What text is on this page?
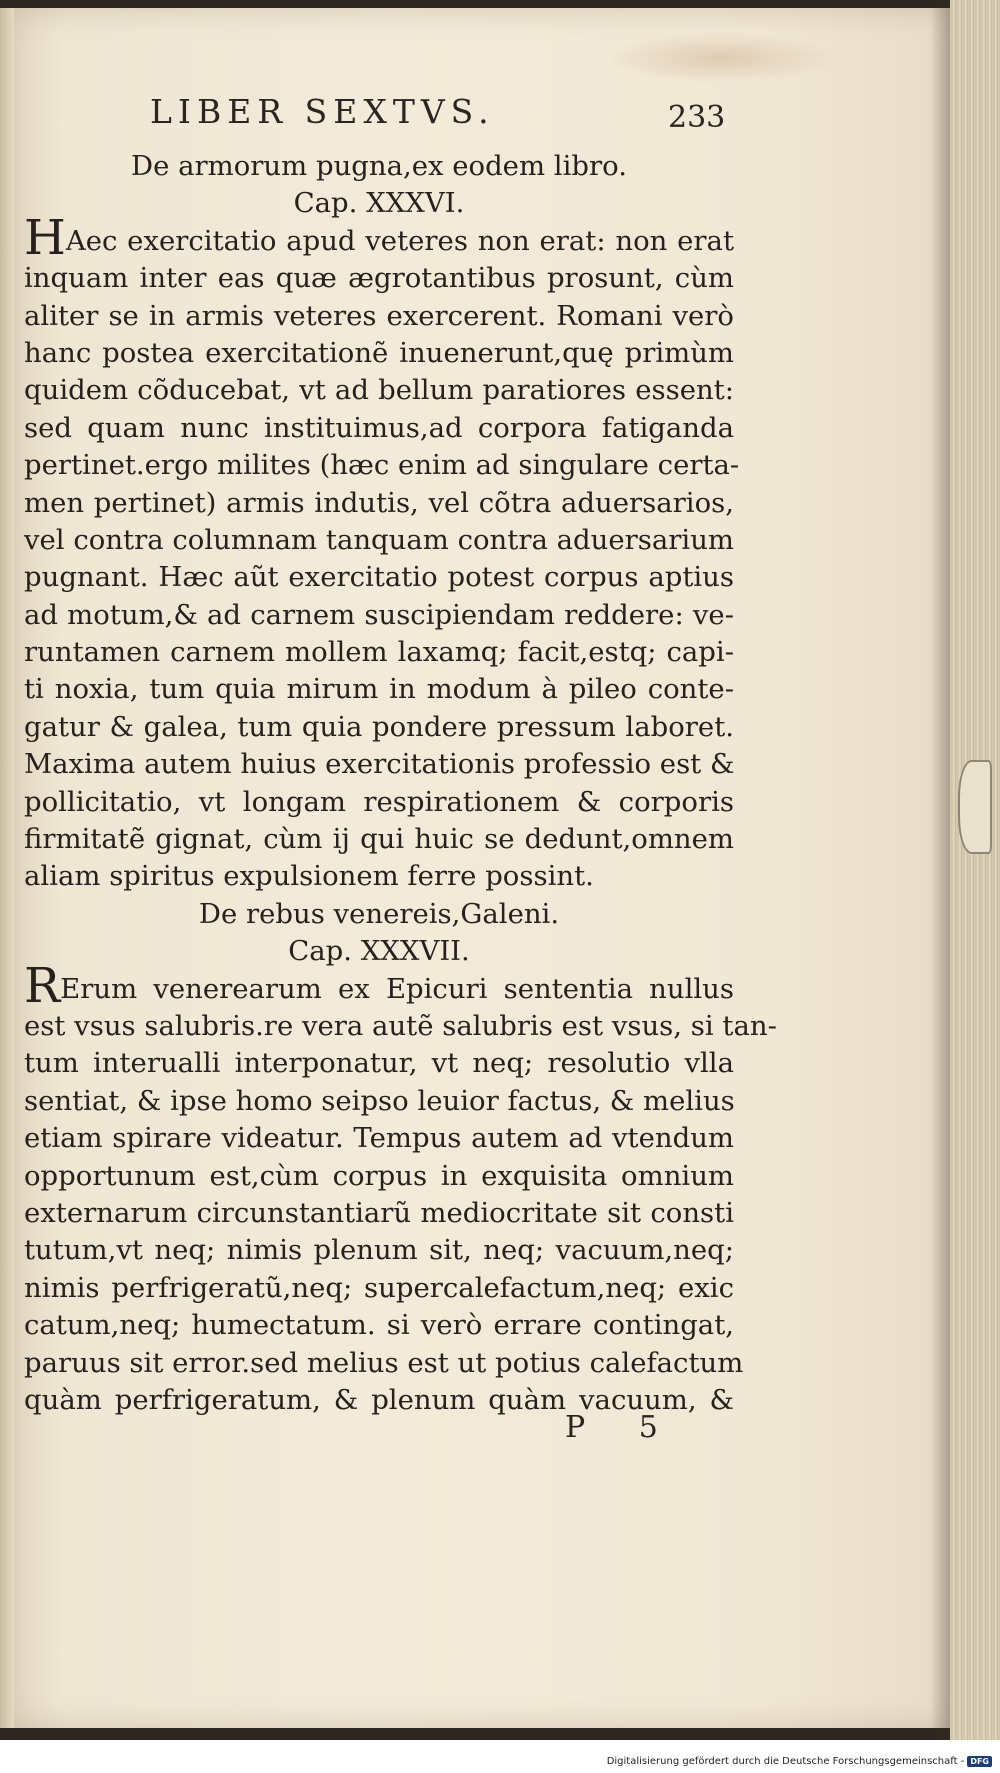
LIBER SEXTVS.	233
De armorum pugna,ex eodem libro.
Cap. XXXVI.
HAec exercitatio apud veteres non erat: non erat
inquam inter eas quæ ægrotantibus prosunt, cùm
aliter se in armis veteres exercerent. Romani verò
hanc postea exercitationẽ inuenerunt,quę primùm
quidem cõducebat, vt ad bellum paratiores essent:
sed quam nunc instituimus,ad corpora fatiganda
pertinet.ergo milites (hæc enim ad singulare certa-
men pertinet) armis indutis, vel cõtra aduersarios,
vel contra columnam tanquam contra aduersarium
pugnant. Hæc aũt exercitatio potest corpus aptius
ad motum,& ad carnem suscipiendam reddere: ve-
runtamen carnem mollem laxamq; facit,estq; capi-
ti noxia, tum quia mirum in modum à pileo conte-
gatur & galea, tum quia pondere pressum laboret.
Maxima autem huius exercitationis professio est &
pollicitatio, vt longam respirationem & corporis
firmitatẽ gignat, cùm ij qui huic se dedunt,omnem
aliam spiritus expulsionem ferre possint.
De rebus venereis,Galeni.
Cap. XXXVII.
RErum venerearum ex Epicuri sententia nullus
est vsus salubris.re vera autẽ salubris est vsus, si tan-
tum interualli interponatur, vt neq; resolutio vlla
sentiat, & ipse homo seipso leuior factus, & melius
etiam spirare videatur. Tempus autem ad vtendum
opportunum est,cùm corpus in exquisita omnium
externarum circunstantiarũ mediocritate sit consti
tutum,vt neq; nimis plenum sit, neq; vacuum,neq;
nimis perfrigeratũ,neq; supercalefactum,neq; exic
catum,neq; humectatum. si verò errare contingat,
paruus sit error.sed melius est ut potius calefactum
quàm perfrigeratum, & plenum quàm vacuum, &
P 5
Digitalisierung gefördert durch die Deutsche Forschungsgemeinschaft - DFG
